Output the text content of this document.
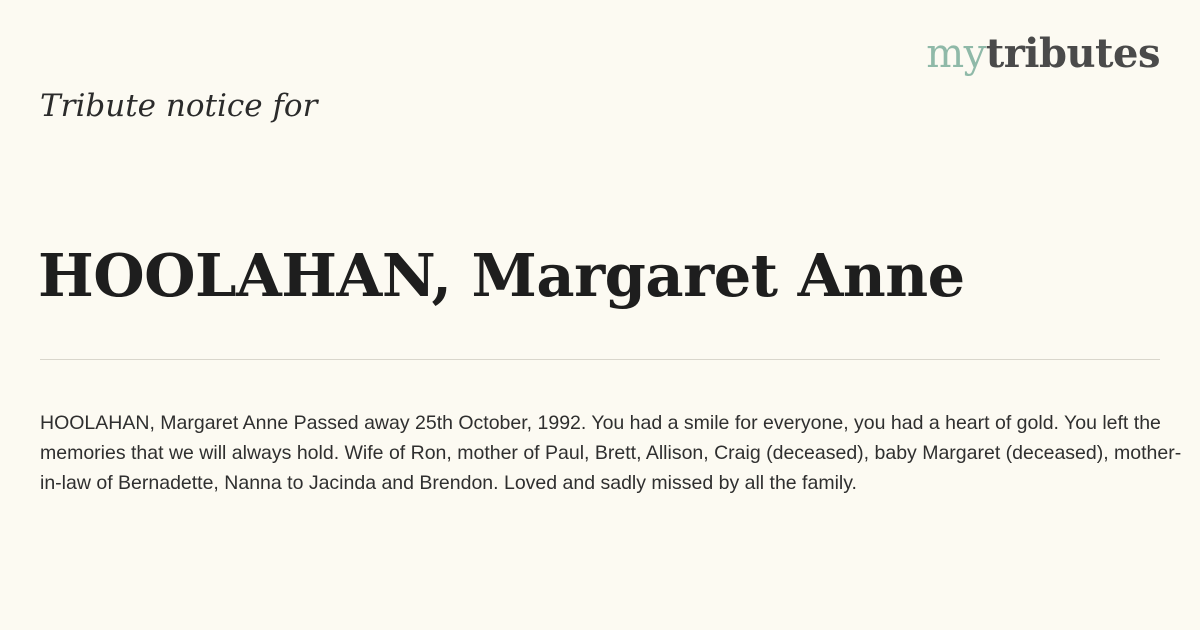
mytributes
Tribute notice for
HOOLAHAN, Margaret Anne

HOOLAHAN, Margaret Anne Passed away 25th October, 1992. You had a smile for everyone, you had a heart of gold. You left the memories that we will always hold. Wife of Ron, mother of Paul, Brett, Allison, Craig (deceased), baby Margaret (deceased), mother-in-law of Bernadette, Nanna to Jacinda and Brendon. Loved and sadly missed by all the family.
